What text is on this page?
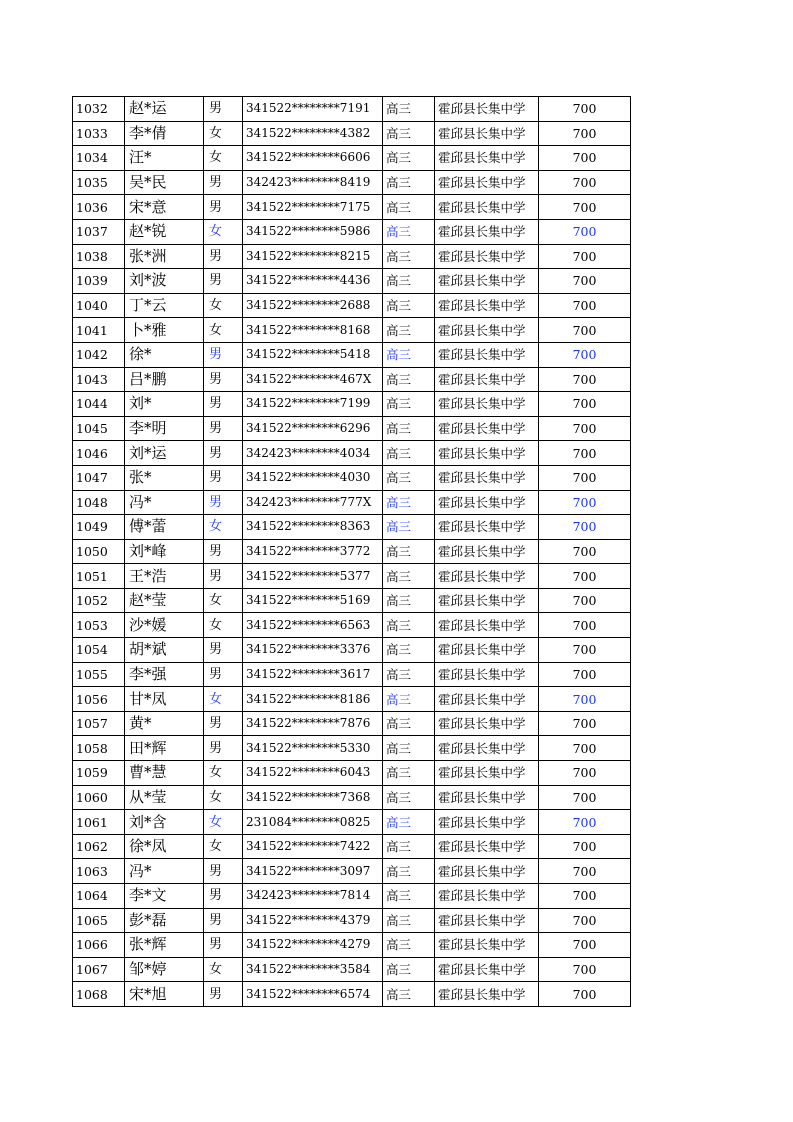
1032	赵*运	男	341522********7191	高三	霍邱县长集中学	700
1033	李*倩	女	341522********4382	高三	霍邱县长集中学	700
1034	汪*	女	341522********6606	高三	霍邱县长集中学	700
1035	吴*民	男	342423********8419	高三	霍邱县长集中学	700
1036	宋*意	男	341522********7175	高三	霍邱县长集中学	700
1037	赵*锐	女	341522********5986	高三	霍邱县长集中学	700
1038	张*洲	男	341522********8215	高三	霍邱县长集中学	700
1039	刘*波	男	341522********4436	高三	霍邱县长集中学	700
1040	丁*云	女	341522********2688	高三	霍邱县长集中学	700
1041	卜*雅	女	341522********8168	高三	霍邱县长集中学	700
1042	徐*	男	341522********5418	高三	霍邱县长集中学	700
1043	吕*鹏	男	341522********467X	高三	霍邱县长集中学	700
1044	刘*	男	341522********7199	高三	霍邱县长集中学	700
1045	李*明	男	341522********6296	高三	霍邱县长集中学	700
1046	刘*运	男	342423********4034	高三	霍邱县长集中学	700
1047	张*	男	341522********4030	高三	霍邱县长集中学	700
1048	冯*	男	342423********777X	高三	霍邱县长集中学	700
1049	傅*蕾	女	341522********8363	高三	霍邱县长集中学	700
1050	刘*峰	男	341522********3772	高三	霍邱县长集中学	700
1051	王*浩	男	341522********5377	高三	霍邱县长集中学	700
1052	赵*莹	女	341522********5169	高三	霍邱县长集中学	700
1053	沙*媛	女	341522********6563	高三	霍邱县长集中学	700
1054	胡*斌	男	341522********3376	高三	霍邱县长集中学	700
1055	李*强	男	341522********3617	高三	霍邱县长集中学	700
1056	甘*凤	女	341522********8186	高三	霍邱县长集中学	700
1057	黄*	男	341522********7876	高三	霍邱县长集中学	700
1058	田*辉	男	341522********5330	高三	霍邱县长集中学	700
1059	曹*慧	女	341522********6043	高三	霍邱县长集中学	700
1060	从*莹	女	341522********7368	高三	霍邱县长集中学	700
1061	刘*含	女	231084********0825	高三	霍邱县长集中学	700
1062	徐*凤	女	341522********7422	高三	霍邱县长集中学	700
1063	冯*	男	341522********3097	高三	霍邱县长集中学	700
1064	李*文	男	342423********7814	高三	霍邱县长集中学	700
1065	彭*磊	男	341522********4379	高三	霍邱县长集中学	700
1066	张*辉	男	341522********4279	高三	霍邱县长集中学	700
1067	邹*婷	女	341522********3584	高三	霍邱县长集中学	700
1068	宋*旭	男	341522********6574	高三	霍邱县长集中学	700
